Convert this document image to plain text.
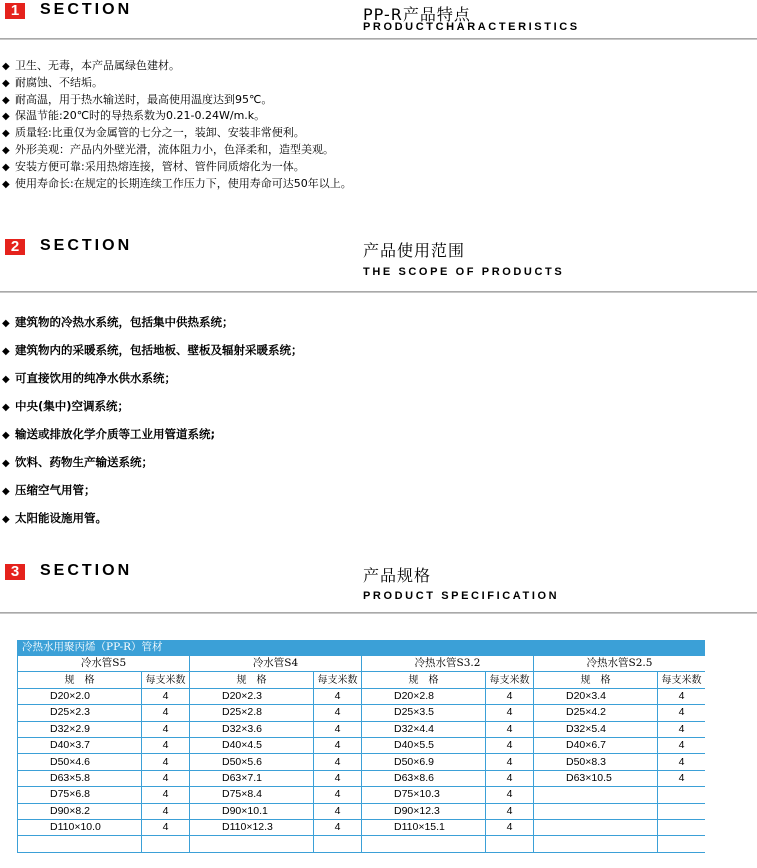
1	SECTION	PP-R产品特点
PRODUCTCHARACTERISTICS
◆ 卫生、无毒，本产品属绿色建材。
◆ 耐腐蚀、不结垢。
◆ 耐高温，用于热水输送时，最高使用温度达到95℃。
◆ 保温节能:20℃时的导热系数为0.21-0.24W/m.k。
◆ 质量轻:比重仅为金属管的七分之一，装卸、安装非常便利。
◆ 外形美观：产品内外壁光滑，流体阻力小，色泽柔和，造型美观。
◆ 安装方便可靠:采用热熔连接，管材、管件同质熔化为一体。
◆ 使用寿命长:在规定的长期连续工作压力下，使用寿命可达50年以上。
2	SECTION	产品使用范围
THE SCOPE OF PRODUCTS
◆ 建筑物的冷热水系统，包括集中供热系统；
◆ 建筑物内的采暖系统，包括地板、壁板及辐射采暖系统；
◆ 可直接饮用的纯净水供水系统；
◆ 中央(集中)空调系统；
◆ 输送或排放化学介质等工业用管道系统;
◆ 饮料、药物生产输送系统；
◆ 压缩空气用管；
◆ 太阳能设施用管。
3	SECTION	产品规格
PRODUCT SPECIFICATION
冷热水用聚丙烯（PP-R）管材
冷水管S5		冷水管S4		冷热水管S3.2		冷热水管S2.5	
规　格	每支米数	规　格	每支米数	规　格	每支米数	规　格	每支米数
D20×2.0	4	D20×2.3	4	D20×2.8	4	D20×3.4	4
D25×2.3	4	D25×2.8	4	D25×3.5	4	D25×4.2	4
D32×2.9	4	D32×3.6	4	D32×4.4	4	D32×5.4	4
D40×3.7	4	D40×4.5	4	D40×5.5	4	D40×6.7	4
D50×4.6	4	D50×5.6	4	D50×6.9	4	D50×8.3	4
D63×5.8	4	D63×7.1	4	D63×8.6	4	D63×10.5	4
D75×6.8	4	D75×8.4	4	D75×10.3	4		
D90×8.2	4	D90×10.1	4	D90×12.3	4		
D110×10.0	4	D110×12.3	4	D110×15.1	4		
